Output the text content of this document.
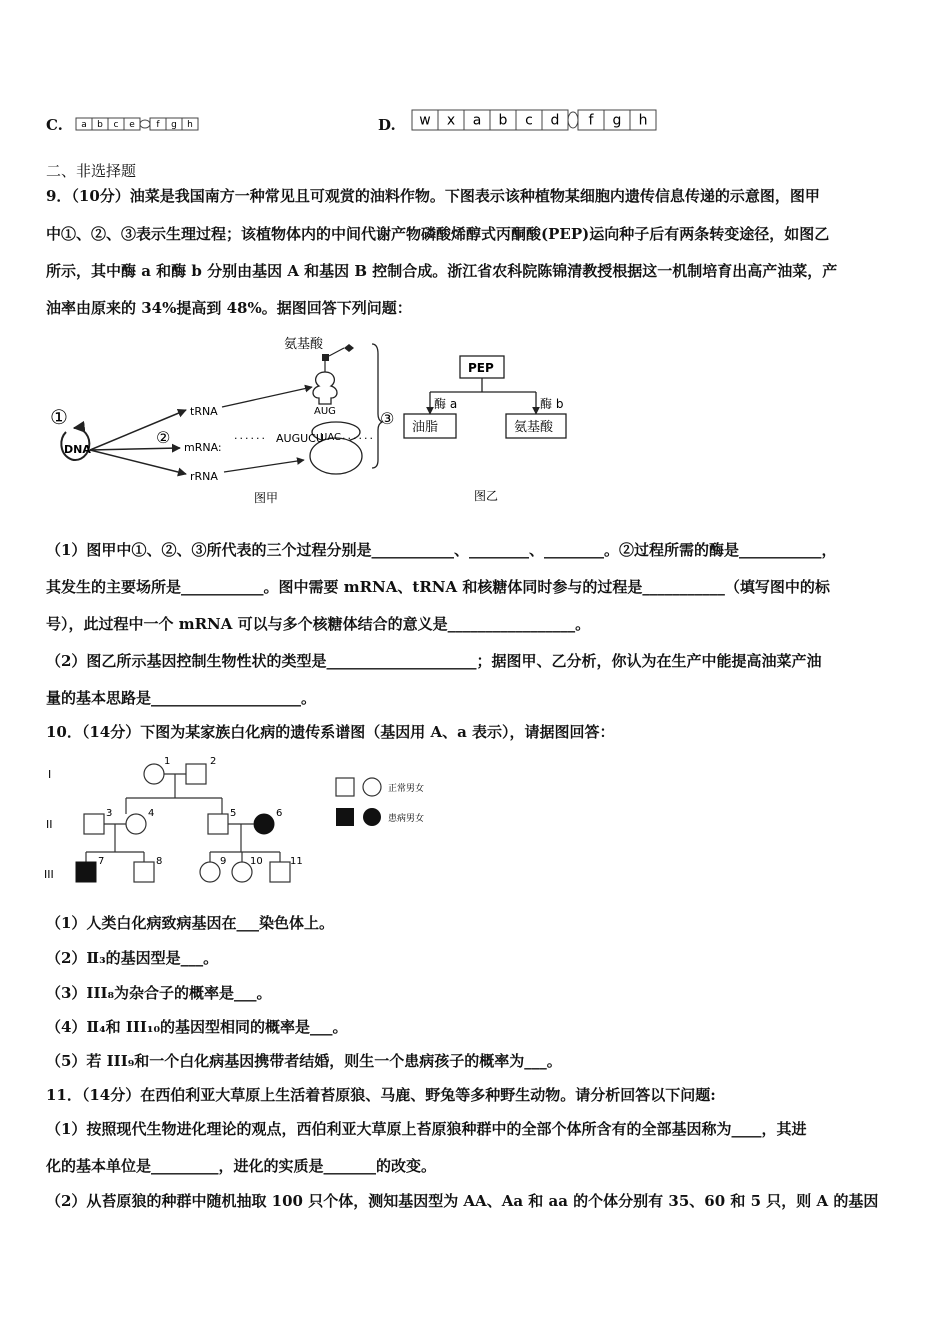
C. a b c e f g h	D. w x a b c d f g h
二、非选择题
9．（10分）油菜是我国南方一种常见且可观赏的油料作物。下图表示该种植物某细胞内遗传信息传递的示意图，图甲
中①、②、③表示生理过程；该植物体内的中间代谢产物磷酸烯醇式丙酮酸(PEP)运向种子后有两条转变途径，如图乙
所示，其中酶 a 和酶 b 分别由基因 A 和基因 B 控制合成。浙江省农科院陈锦清教授根据这一机制培育出高产油菜，产
油率由原来的 34%提高到 48%。据图回答下列问题：
氨基酸
AUG
①
DNA
②
tRNA
mRNA:
rRNA
······ AUGUCU
UAC ······
③
图甲
PEP
酶 a	酶 b
油脂	氨基酸
图乙
（1）图甲中①、②、③所代表的三个过程分别是___________、________、________。②过程所需的酶是___________，
其发生的主要场所是___________。图中需要 mRNA、tRNA 和核糖体同时参与的过程是___________（填写图中的标
号），此过程中一个 mRNA 可以与多个核糖体结合的意义是_________________。
（2）图乙所示基因控制生物性状的类型是____________________；据图甲、乙分析，你认为在生产中能提高油菜产油
量的基本思路是____________________。
10．（14分）下图为某家族白化病的遗传系谱图（基因用 A、a 表示），请据图回答：
I
II
III
1	2
3	4	5	6
7	8	9 10	11
正常男女
患病男女
（1）人类白化病致病基因在___染色体上。
（2）Ⅱ₃的基因型是___。
（3）III₈为杂合子的概率是___。
（4）Ⅱ₄和 III₁₀的基因型相同的概率是___。
（5）若 III₉和一个白化病基因携带者结婚，则生一个患病孩子的概率为___。
11．（14分）在西伯利亚大草原上生活着苔原狼、马鹿、野兔等多种野生动物。请分析回答以下问题:
（1）按照现代生物进化理论的观点，西伯利亚大草原上苔原狼种群中的全部个体所含有的全部基因称为____，其进
化的基本单位是_________，进化的实质是_______的改变。
（2）从苔原狼的种群中随机抽取 100 只个体，测知基因型为 AA、Aa 和 aa 的个体分别有 35、60 和 5 只，则 A 的基因
